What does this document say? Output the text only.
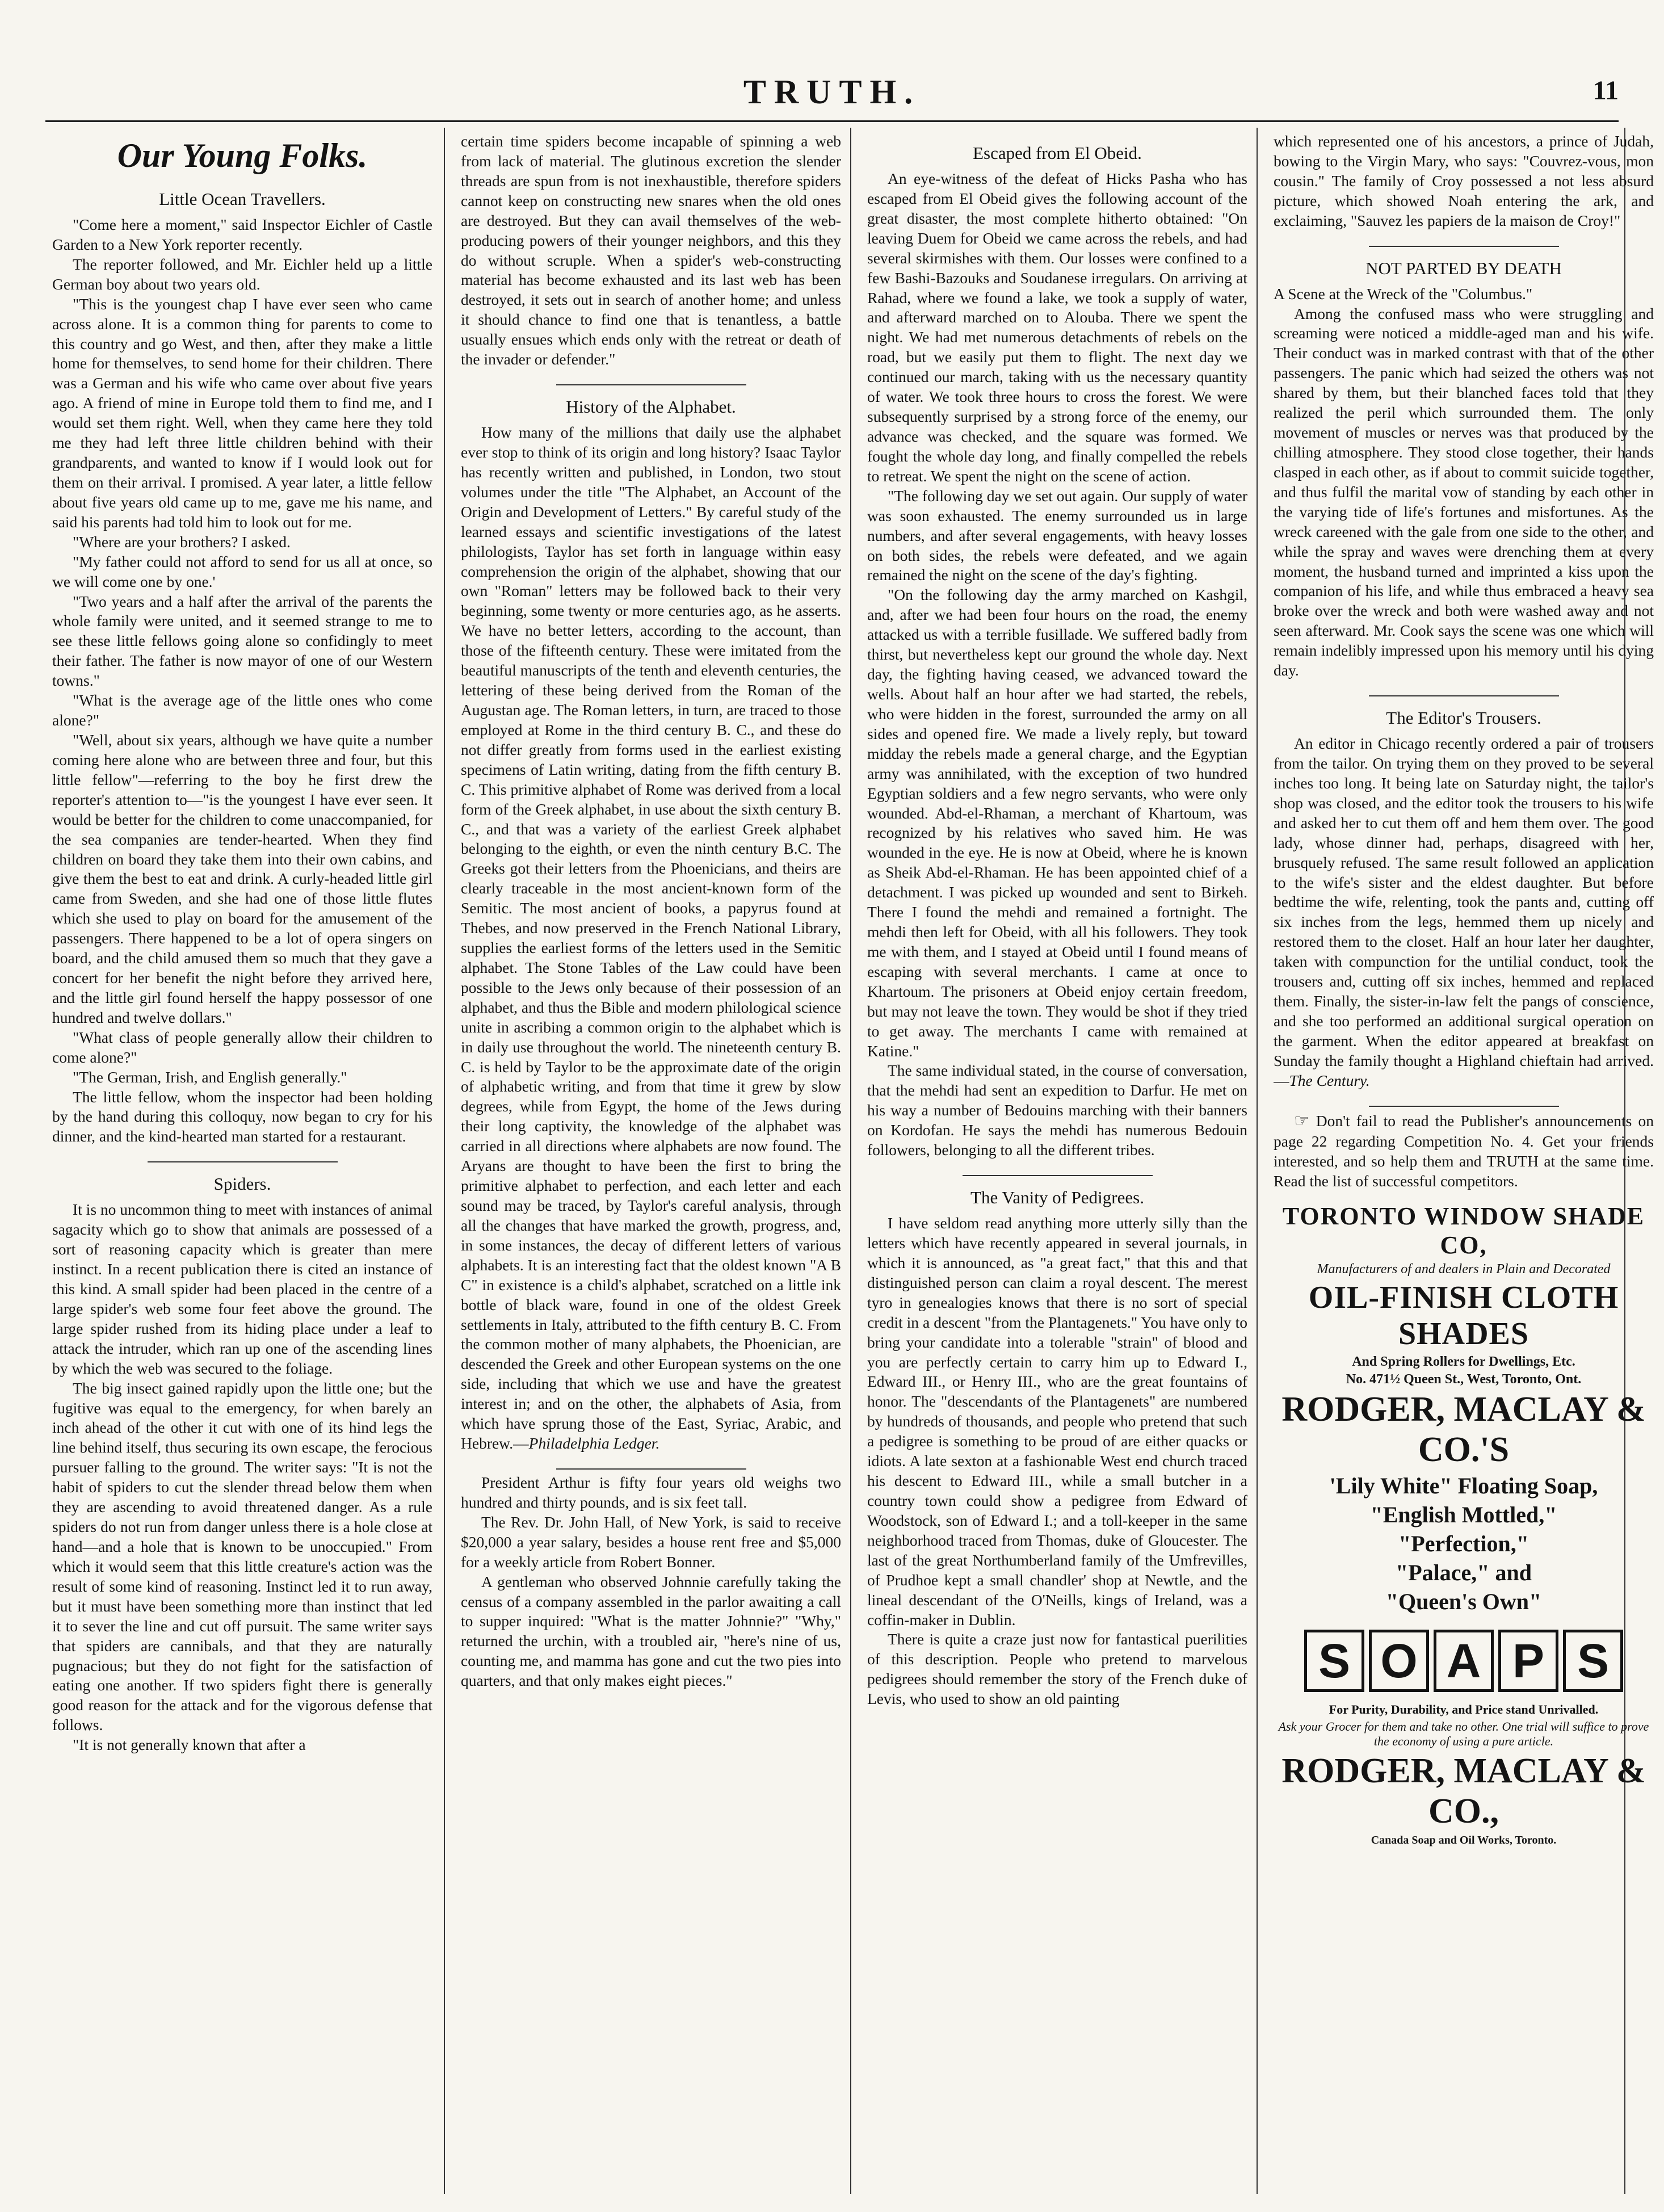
TRUTH.	11
Our Young Folks.
Little Ocean Travellers.

"Come here a moment," said Inspector Eichler of Castle Garden to a New York reporter recently.

The reporter followed, and Mr. Eichler held up a little German boy about two years old.

"This is the youngest chap I have ever seen who came across alone. It is a common thing for parents to come to this country and go West, and then, after they make a little home for themselves, to send home for their children. There was a German and his wife who came over about five years ago. A friend of mine in Europe told them to find me, and I would set them right. Well, when they came here they told me they had left three little children behind with their grandparents, and wanted to know if I would look out for them on their arrival. I promised. A year later, a little fellow about five years old came up to me, gave me his name, and said his parents had told him to look out for me.

"Where are your brothers? I asked.

"My father could not afford to send for us all at once, so we will come one by one.'

"Two years and a half after the arrival of the parents the whole family were united, and it seemed strange to me to see these little fellows going alone so confidingly to meet their father. The father is now mayor of one of our Western towns."

"What is the average age of the little ones who come alone?"

"Well, about six years, although we have quite a number coming here alone who are between three and four, but this little fellow"—referring to the boy he first drew the reporter's attention to—"is the youngest I have ever seen. It would be better for the children to come unaccompanied, for the sea companies are tender-hearted. When they find children on board they take them into their own cabins, and give them the best to eat and drink. A curly-headed little girl came from Sweden, and she had one of those little flutes which she used to play on board for the amusement of the passengers. There happened to be a lot of opera singers on board, and the child amused them so much that they gave a concert for her benefit the night before they arrived here, and the little girl found herself the happy possessor of one hundred and twelve dollars."

"What class of people generally allow their children to come alone?"

"The German, Irish, and English generally."

The little fellow, whom the inspector had been holding by the hand during this colloquy, now began to cry for his dinner, and the kind-hearted man started for a restaurant.

Spiders.

It is no uncommon thing to meet with instances of animal sagacity which go to show that animals are possessed of a sort of reasoning capacity which is greater than mere instinct. In a recent publication there is cited an instance of this kind. A small spider had been placed in the centre of a large spider's web some four feet above the ground. The large spider rushed from its hiding place under a leaf to attack the intruder, which ran up one of the ascending lines by which the web was secured to the foliage.

The big insect gained rapidly upon the little one; but the fugitive was equal to the emergency, for when barely an inch ahead of the other it cut with one of its hind legs the line behind itself, thus securing its own escape, the ferocious pursuer falling to the ground. The writer says: "It is not the habit of spiders to cut the slender thread below them when they are ascending to avoid threatened danger. As a rule spiders do not run from danger unless there is a hole close at hand—and a hole that is known to be unoccupied." From which it would seem that this little creature's action was the result of some kind of reasoning. Instinct led it to run away, but it must have been something more than instinct that led it to sever the line and cut off pursuit. The same writer says that spiders are cannibals, and that they are naturally pugnacious; but they do not fight for the satisfaction of eating one another. If two spiders fight there is generally good reason for the attack and for the vigorous defense that follows.

"It is not generally known that after a

certain time spiders become incapable of spinning a web from lack of material. The glutinous excretion the slender threads are spun from is not inexhaustible, therefore spiders cannot keep on constructing new snares when the old ones are destroyed. But they can avail themselves of the web-producing powers of their younger neighbors, and this they do without scruple. When a spider's web-constructing material has become exhausted and its last web has been destroyed, it sets out in search of another home; and unless it should chance to find one that is tenantless, a battle usually ensues which ends only with the retreat or death of the invader or defender."

History of the Alphabet.

How many of the millions that daily use the alphabet ever stop to think of its origin and long history? Isaac Taylor has recently written and published, in London, two stout volumes under the title "The Alphabet, an Account of the Origin and Development of Letters." By careful study of the learned essays and scientific investigations of the latest philologists, Taylor has set forth in language within easy comprehension the origin of the alphabet, showing that our own "Roman" letters may be followed back to their very beginning, some twenty or more centuries ago, as he asserts. We have no better letters, according to the account, than those of the fifteenth century. These were imitated from the beautiful manuscripts of the tenth and eleventh centuries, the lettering of these being derived from the Roman of the Augustan age. The Roman letters, in turn, are traced to those employed at Rome in the third century B. C., and these do not differ greatly from forms used in the earliest existing specimens of Latin writing, dating from the fifth century B. C. This primitive alphabet of Rome was derived from a local form of the Greek alphabet, in use about the sixth century B. C., and that was a variety of the earliest Greek alphabet belonging to the eighth, or even the ninth century B.C. The Greeks got their letters from the Phoenicians, and theirs are clearly traceable in the most ancient-known form of the Semitic. The most ancient of books, a papyrus found at Thebes, and now preserved in the French National Library, supplies the earliest forms of the letters used in the Semitic alphabet. The Stone Tables of the Law could have been possible to the Jews only because of their possession of an alphabet, and thus the Bible and modern philological science unite in ascribing a common origin to the alphabet which is in daily use throughout the world. The nineteenth century B. C. is held by Taylor to be the approximate date of the origin of alphabetic writing, and from that time it grew by slow degrees, while from Egypt, the home of the Jews during their long captivity, the knowledge of the alphabet was carried in all directions where alphabets are now found. The Aryans are thought to have been the first to bring the primitive alphabet to perfection, and each letter and each sound may be traced, by Taylor's careful analysis, through all the changes that have marked the growth, progress, and, in some instances, the decay of different letters of various alphabets. It is an interesting fact that the oldest known "A B C" in existence is a child's alphabet, scratched on a little ink bottle of black ware, found in one of the oldest Greek settlements in Italy, attributed to the fifth century B. C. From the common mother of many alphabets, the Phoenician, are descended the Greek and other European systems on the one side, including that which we use and have the greatest interest in; and on the other, the alphabets of Asia, from which have sprung those of the East, Syriac, Arabic, and Hebrew.—Philadelphia Ledger.

President Arthur is fifty four years old weighs two hundred and thirty pounds, and is six feet tall.

The Rev. Dr. John Hall, of New York, is said to receive $20,000 a year salary, besides a house rent free and $5,000 for a weekly article from Robert Bonner.

A gentleman who observed Johnnie carefully taking the census of a company assembled in the parlor awaiting a call to supper inquired: "What is the matter Johnnie?" "Why," returned the urchin, with a troubled air, "here's nine of us, counting me, and mamma has gone and cut the two pies into quarters, and that only makes eight pieces."

Escaped from El Obeid.

An eye-witness of the defeat of Hicks Pasha who has escaped from El Obeid gives the following account of the great disaster, the most complete hitherto obtained: "On leaving Duem for Obeid we came across the rebels, and had several skirmishes with them. Our losses were confined to a few Bashi-Bazouks and Soudanese irregulars. On arriving at Rahad, where we found a lake, we took a supply of water, and afterward marched on to Alouba. There we spent the night. We had met numerous detachments of rebels on the road, but we easily put them to flight. The next day we continued our march, taking with us the necessary quantity of water. We took three hours to cross the forest. We were subsequently surprised by a strong force of the enemy, our advance was checked, and the square was formed. We fought the whole day long, and finally compelled the rebels to retreat. We spent the night on the scene of action.

"The following day we set out again. Our supply of water was soon exhausted. The enemy surrounded us in large numbers, and after several engagements, with heavy losses on both sides, the rebels were defeated, and we again remained the night on the scene of the day's fighting.

"On the following day the army marched on Kashgil, and, after we had been four hours on the road, the enemy attacked us with a terrible fusillade. We suffered badly from thirst, but nevertheless kept our ground the whole day. Next day, the fighting having ceased, we advanced toward the wells. About half an hour after we had started, the rebels, who were hidden in the forest, surrounded the army on all sides and opened fire. We made a lively reply, but toward midday the rebels made a general charge, and the Egyptian army was annihilated, with the exception of two hundred Egyptian soldiers and a few negro servants, who were only wounded. Abd-el-Rhaman, a merchant of Khartoum, was recognized by his relatives who saved him. He was wounded in the eye. He is now at Obeid, where he is known as Sheik Abd-el-Rhaman. He has been appointed chief of a detachment. I was picked up wounded and sent to Birkeh. There I found the mehdi and remained a fortnight. The mehdi then left for Obeid, with all his followers. They took me with them, and I stayed at Obeid until I found means of escaping with several merchants. I came at once to Khartoum. The prisoners at Obeid enjoy certain freedom, but may not leave the town. They would be shot if they tried to get away. The merchants I came with remained at Katine."

The same individual stated, in the course of conversation, that the mehdi had sent an expedition to Darfur. He met on his way a number of Bedouins marching with their banners on Kordofan. He says the mehdi has numerous Bedouin followers, belonging to all the different tribes.

The Vanity of Pedigrees.

I have seldom read anything more utterly silly than the letters which have recently appeared in several journals, in which it is announced, as "a great fact," that this and that distinguished person can claim a royal descent. The merest tyro in genealogies knows that there is no sort of special credit in a descent "from the Plantagenets." You have only to bring your candidate into a tolerable "strain" of blood and you are perfectly certain to carry him up to Edward I., Edward III., or Henry III., who are the great fountains of honor. The "descendants of the Plantagenets" are numbered by hundreds of thousands, and people who pretend that such a pedigree is something to be proud of are either quacks or idiots. A late sexton at a fashionable West end church traced his descent to Edward III., while a small butcher in a country town could show a pedigree from Edward of Woodstock, son of Edward I.; and a toll-keeper in the same neighborhood traced from Thomas, duke of Gloucester. The last of the great Northumberland family of the Umfrevilles, of Prudhoe kept a small chandler' shop at Newtle, and the lineal descendant of the O'Neills, kings of Ireland, was a coffin-maker in Dublin.

There is quite a craze just now for fantastical puerilities of this description. People who pretend to marvelous pedigrees should remember the story of the French duke of Levis, who used to show an old painting

which represented one of his ancestors, a prince of Judah, bowing to the Virgin Mary, who says: "Couvrez-vous, mon cousin." The family of Croy possessed a not less absurd picture, which showed Noah entering the ark, and exclaiming, "Sauvez les papiers de la maison de Croy!"

NOT PARTED BY DEATH

A Scene at the Wreck of the "Columbus."

Among the confused mass who were struggling and screaming were noticed a middle-aged man and his wife. Their conduct was in marked contrast with that of the other passengers. The panic which had seized the others was not shared by them, but their blanched faces told that they realized the peril which surrounded them. The only movement of muscles or nerves was that produced by the chilling atmosphere. They stood close together, their hands clasped in each other, as if about to commit suicide together, and thus fulfil the marital vow of standing by each other in the varying tide of life's fortunes and misfortunes. As the wreck careened with the gale from one side to the other, and while the spray and waves were drenching them at every moment, the husband turned and imprinted a kiss upon the companion of his life, and while thus embraced a heavy sea broke over the wreck and both were washed away and not seen afterward. Mr. Cook says the scene was one which will remain indelibly impressed upon his memory until his dying day.

The Editor's Trousers.

An editor in Chicago recently ordered a pair of trousers from the tailor. On trying them on they proved to be several inches too long. It being late on Saturday night, the tailor's shop was closed, and the editor took the trousers to his wife and asked her to cut them off and hem them over. The good lady, whose dinner had, perhaps, disagreed with her, brusquely refused. The same result followed an application to the wife's sister and the eldest daughter. But before bedtime the wife, relenting, took the pants and, cutting off six inches from the legs, hemmed them up nicely and restored them to the closet. Half an hour later her daughter, taken with compunction for the untilial conduct, took the trousers and, cutting off six inches, hemmed and replaced them. Finally, the sister-in-law felt the pangs of conscience, and she too performed an additional surgical operation on the garment. When the editor appeared at breakfast on Sunday the family thought a Highland chieftain had arrived.—The Century.

☞ Don't fail to read the Publisher's announcements on page 22 regarding Competition No. 4. Get your friends interested, and so help them and TRUTH at the same time. Read the list of successful competitors.

TORONTO WINDOW SHADE CO,
Manufacturers of and dealers in Plain and Decorated
OIL-FINISH CLOTH SHADES
And Spring Rollers for Dwellings, Etc.
No. 471½ Queen St., West, Toronto, Ont.
RODGER, MACLAY & CO.'S
'Lily White" Floating Soap,
"English Mottled,"
"Perfection,"
"Palace," and
"Queen's Own"
S O A P S
For Purity, Durability, and Price stand Unrivalled.
Ask your Grocer for them and take no other. One trial will suffice to prove the economy of using a pure article.
RODGER, MACLAY & CO.,
Canada Soap and Oil Works, Toronto.
